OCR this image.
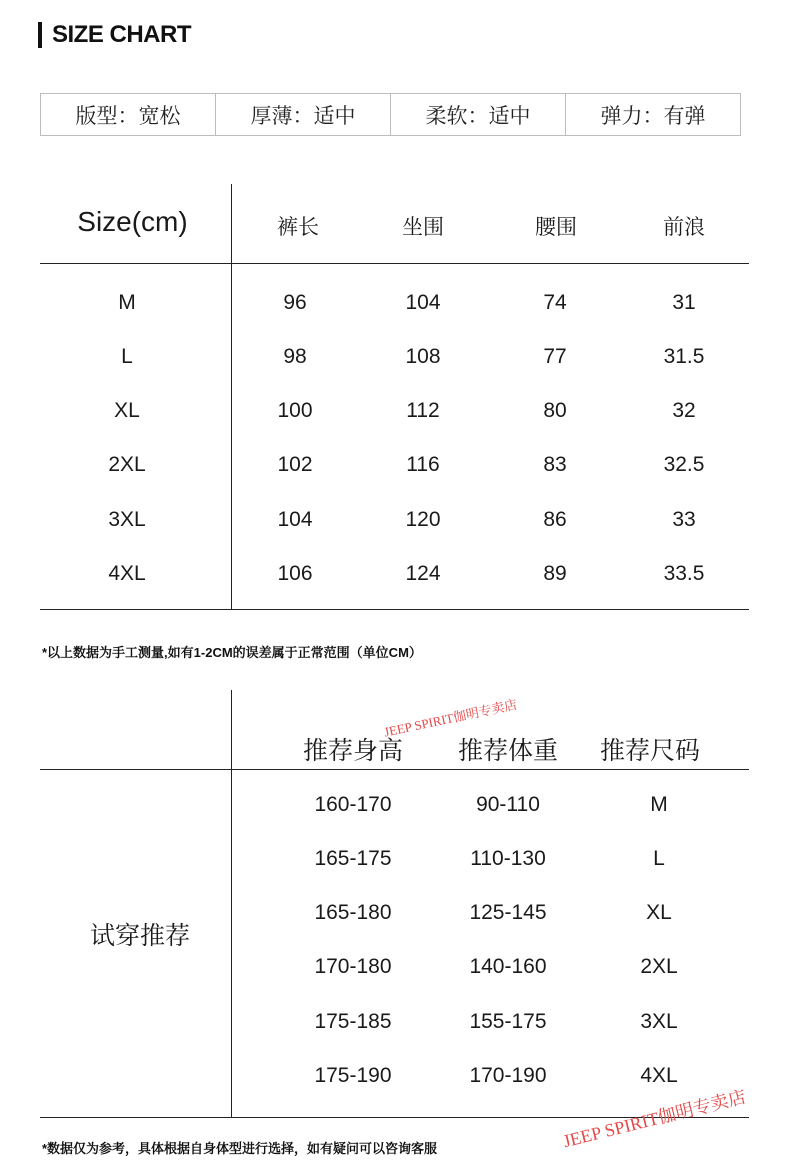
SIZE CHART
版型：宽松	厚薄：适中	柔软：适中	弹力：有弹
Size(cm)	裤长	坐围	腰围	前浪
M	96	104	74	31
L	98	108	77	31.5
XL	100	112	80	32
2XL	102	116	83	32.5
3XL	104	120	86	33
4XL	106	124	89	33.5
*以上数据为手工测量,如有1-2CM的误差属于正常范围（单位CM）
推荐身高	推荐体重	推荐尺码
试穿推荐
160-170	90-110	M
165-175	110-130	L
165-180	125-145	XL
170-180	140-160	2XL
175-185	155-175	3XL
175-190	170-190	4XL
*数据仅为参考，具体根据自身体型进行选择，如有疑问可以咨询客服
JEEP SPIRIT伽明专卖店
JEEP SPIRIT伽明专卖店
